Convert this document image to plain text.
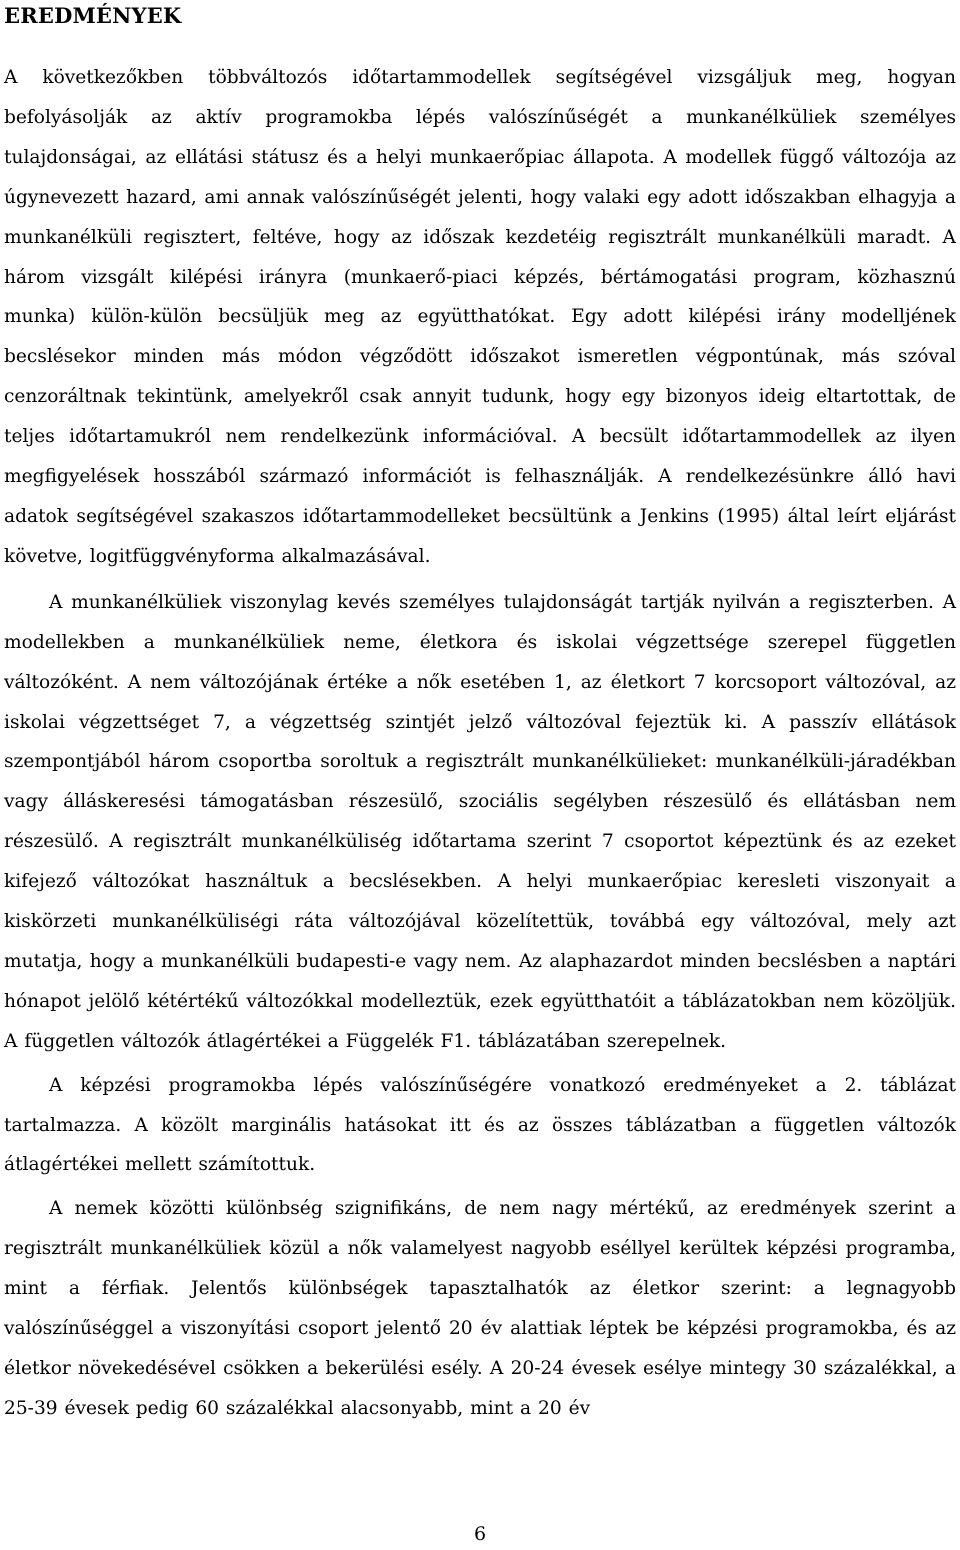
EREDMÉNYEK

A következőkben többváltozós időtartammodellek segítségével vizsgáljuk meg, hogyan befolyásolják az aktív programokba lépés valószínűségét a munkanélküliek személyes tulajdonságai, az ellátási státusz és a helyi munkaerőpiac állapota. A modellek függő változója az úgynevezett hazard, ami annak valószínűségét jelenti, hogy valaki egy adott időszakban elhagyja a munkanélküli regisztert, feltéve, hogy az időszak kezdetéig regisztrált munkanélküli maradt. A három vizsgált kilépési irányra (munkaerő-piaci képzés, bértámogatási program, közhasznú munka) külön-külön becsüljük meg az együtthatókat. Egy adott kilépési irány modelljének becslésekor minden más módon végződött időszakot ismeretlen végpontúnak, más szóval cenzoráltnak tekintünk, amelyekről csak annyit tudunk, hogy egy bizonyos ideig eltartottak, de teljes időtartamukról nem rendelkezünk információval. A becsült időtartammodellek az ilyen megfigyelések hosszából származó információt is felhasználják. A rendelkezésünkre álló havi adatok segítségével szakaszos időtartammodelleket becsültünk a Jenkins (1995) által leírt eljárást követve, logitfüggvényforma alkalmazásával.

A munkanélküliek viszonylag kevés személyes tulajdonságát tartják nyilván a regiszterben. A modellekben a munkanélküliek neme, életkora és iskolai végzettsége szerepel független változóként. A nem változójának értéke a nők esetében 1, az életkort 7 korcsoport változóval, az iskolai végzettséget 7, a végzettség szintjét jelző változóval fejeztük ki. A passzív ellátások szempontjából három csoportba soroltuk a regisztrált munkanélkülieket: munkanélküli-járadékban vagy álláskeresési támogatásban részesülő, szociális segélyben részesülő és ellátásban nem részesülő. A regisztrált munkanélküliség időtartama szerint 7 csoportot képeztünk és az ezeket kifejező változókat használtuk a becslésekben. A helyi munkaerőpiac keresleti viszonyait a kiskörzeti munkanélküliségi ráta változójával közelítettük, továbbá egy változóval, mely azt mutatja, hogy a munkanélküli budapesti-e vagy nem. Az alaphazardot minden becslésben a naptári hónapot jelölő kétértékű változókkal modelleztük, ezek együtthatóit a táblázatokban nem közöljük. A független változók átlagértékei a Függelék F1. táblázatában szerepelnek.

A képzési programokba lépés valószínűségére vonatkozó eredményeket a 2. táblázat tartalmazza. A közölt marginális hatásokat itt és az összes táblázatban a független változók átlagértékei mellett számítottuk.

A nemek közötti különbség szignifikáns, de nem nagy mértékű, az eredmények szerint a regisztrált munkanélküliek közül a nők valamelyest nagyobb eséllyel kerültek képzési programba, mint a férfiak. Jelentős különbségek tapasztalhatók az életkor szerint: a legnagyobb valószínűséggel a viszonyítási csoport jelentő 20 év alattiak léptek be képzési programokba, és az életkor növekedésével csökken a bekerülési esély. A 20-24 évesek esélye mintegy 30 százalékkal, a 25-39 évesek pedig 60 százalékkal alacsonyabb, mint a 20 év

6
